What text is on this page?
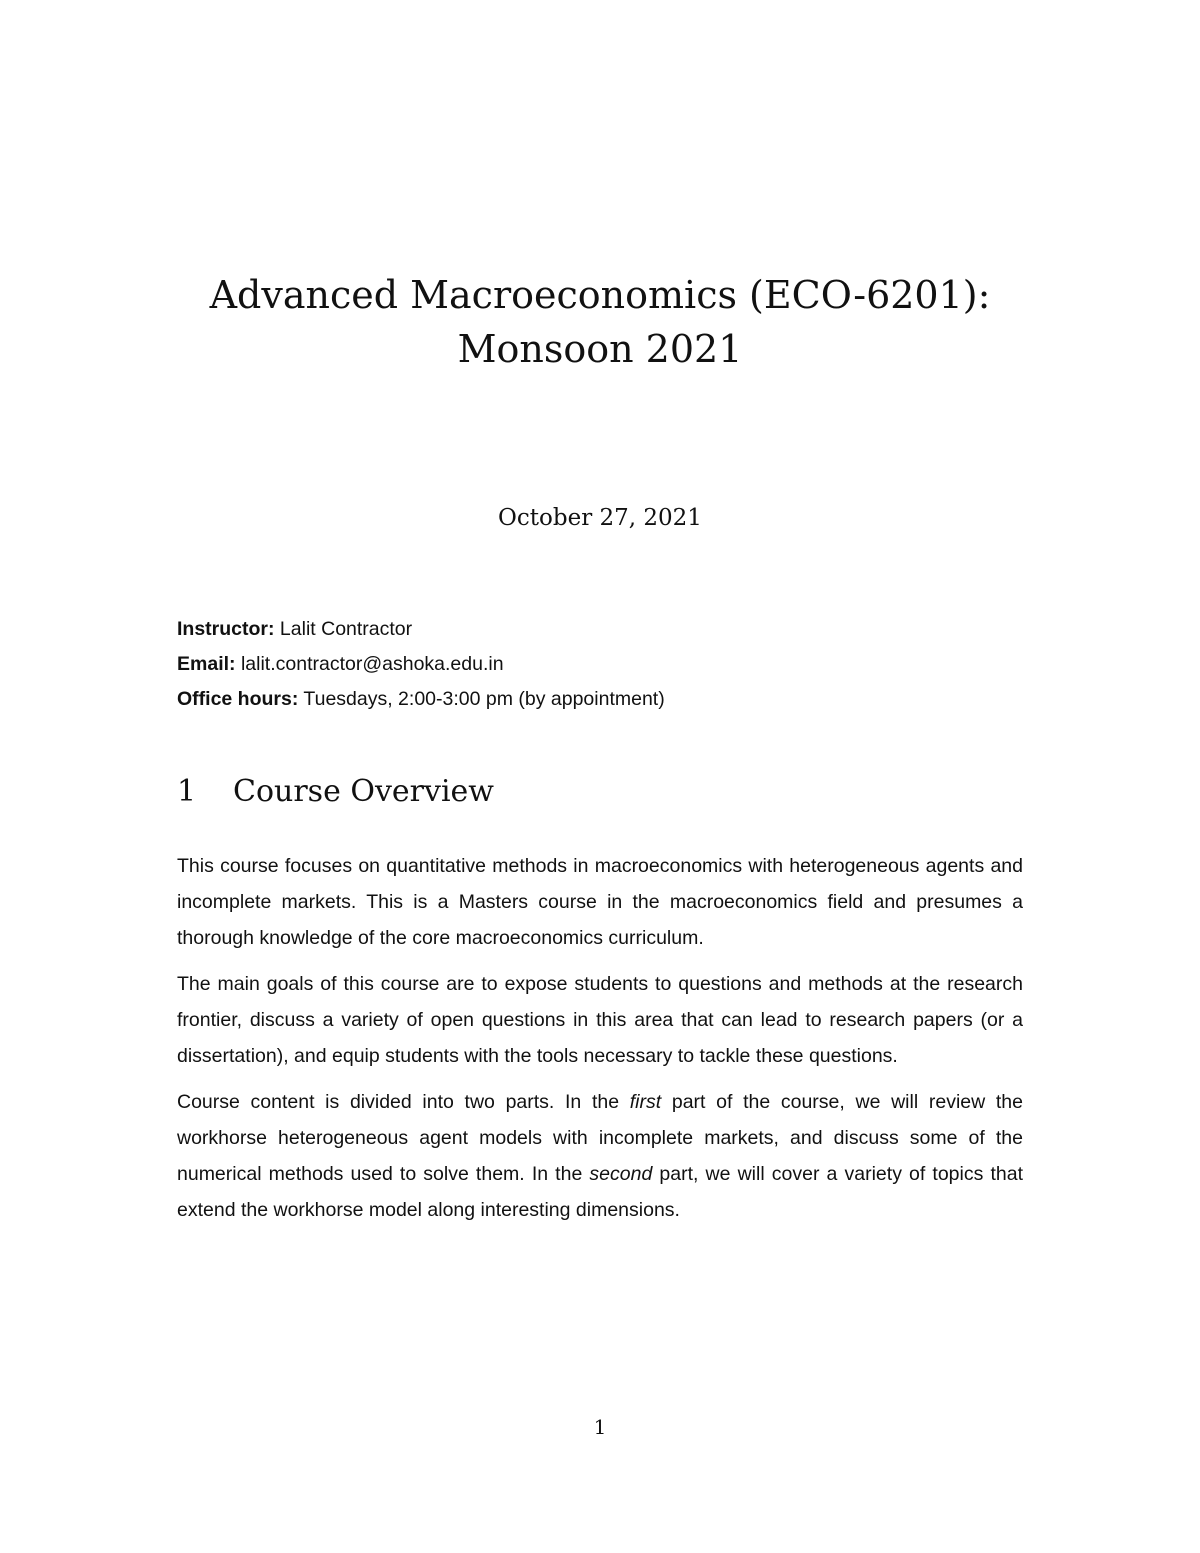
Advanced Macroeconomics (ECO-6201):
Monsoon 2021
October 27, 2021
Instructor: Lalit Contractor
Email: lalit.contractor@ashoka.edu.in
Office hours: Tuesdays, 2:00-3:00 pm (by appointment)
1 Course Overview

This course focuses on quantitative methods in macroeconomics with heterogeneous agents and incomplete markets. This is a Masters course in the macroeconomics field and presumes a thorough knowledge of the core macroeconomics curriculum.

The main goals of this course are to expose students to questions and methods at the research frontier, discuss a variety of open questions in this area that can lead to research papers (or a dissertation), and equip students with the tools necessary to tackle these questions.

Course content is divided into two parts. In the first part of the course, we will review the workhorse heterogeneous agent models with incomplete markets, and discuss some of the numerical methods used to solve them. In the second part, we will cover a variety of topics that extend the workhorse model along interesting dimensions.

1
